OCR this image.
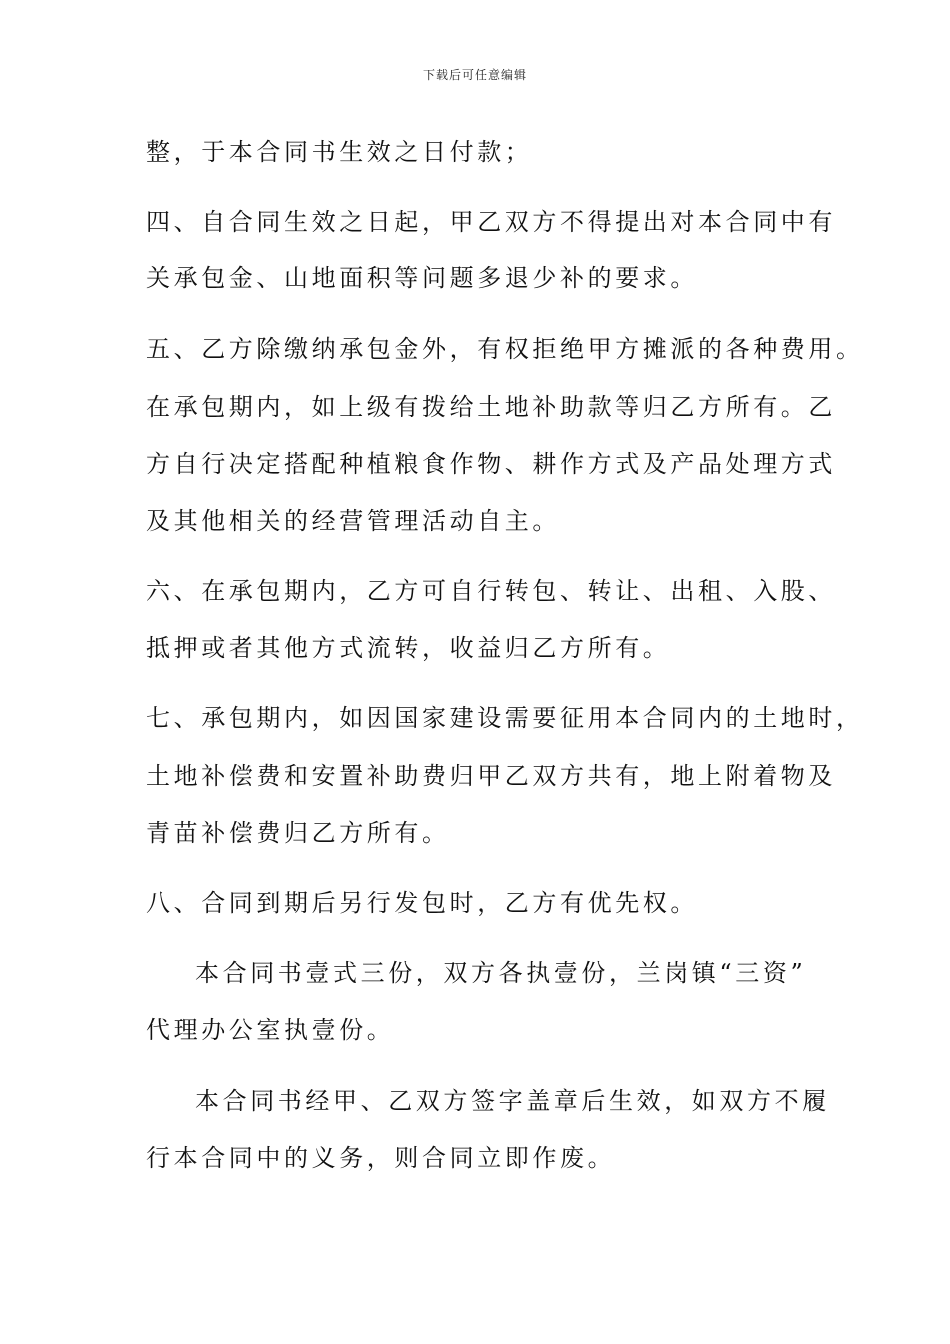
下载后可任意编辑
整，于本合同书生效之日付款；
四、自合同生效之日起，甲乙双方不得提出对本合同中有
关承包金、山地面积等问题多退少补的要求。
五、乙方除缴纳承包金外，有权拒绝甲方摊派的各种费用。
在承包期内，如上级有拨给土地补助款等归乙方所有。乙
方自行决定搭配种植粮食作物、耕作方式及产品处理方式
及其他相关的经营管理活动自主。
六、在承包期内，乙方可自行转包、转让、出租、入股、
抵押或者其他方式流转，收益归乙方所有。
七、承包期内，如因国家建设需要征用本合同内的土地时，
土地补偿费和安置补助费归甲乙双方共有，地上附着物及
青苗补偿费归乙方所有。
八、合同到期后另行发包时，乙方有优先权。
本合同书壹式三份，双方各执壹份，兰岗镇“三资”
代理办公室执壹份。
本合同书经甲、乙双方签字盖章后生效，如双方不履
行本合同中的义务，则合同立即作废。
